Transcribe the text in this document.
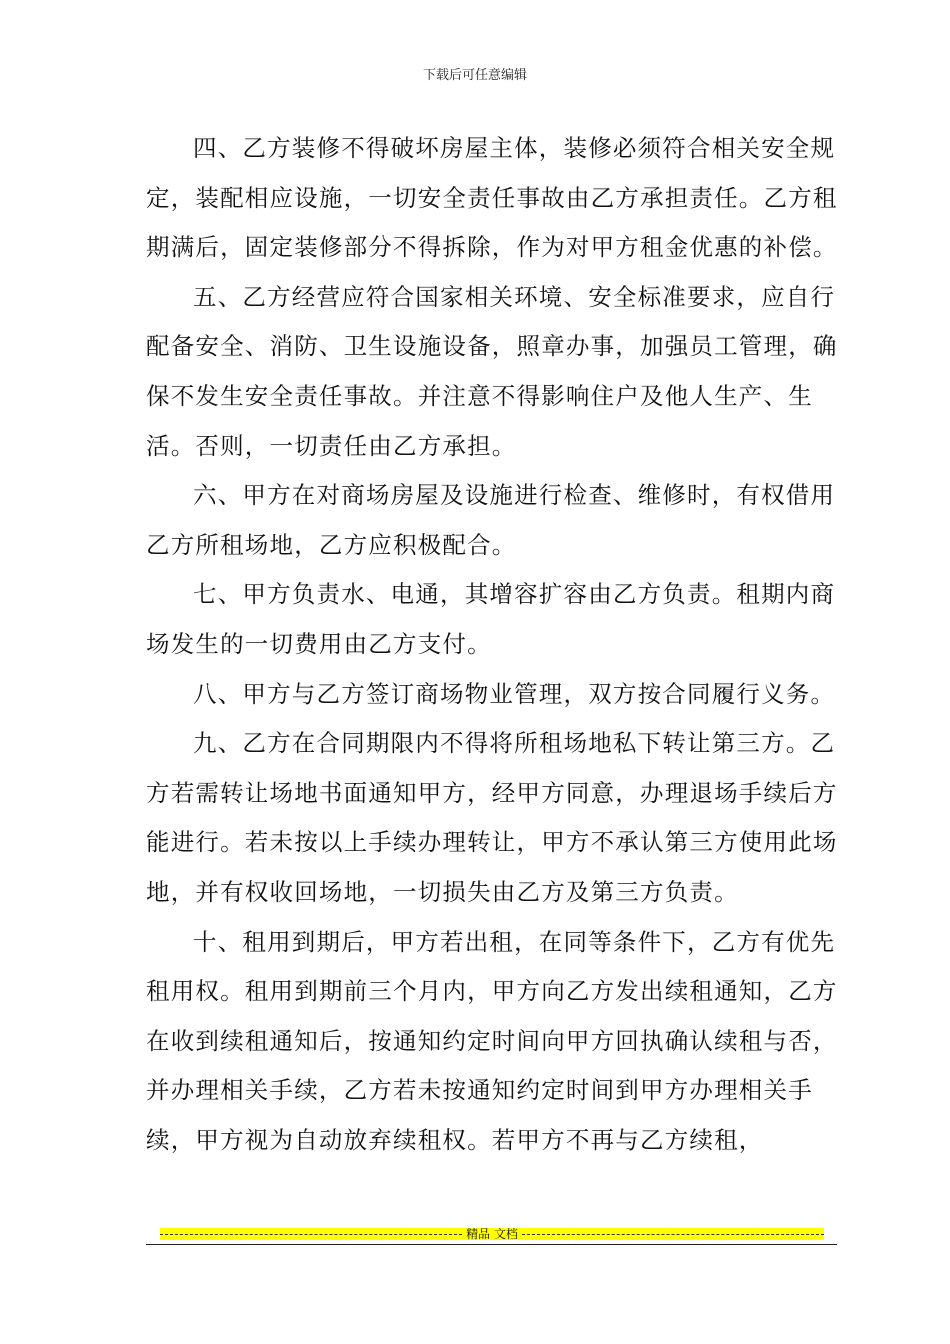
下载后可任意编辑

四、乙方装修不得破坏房屋主体，装修必须符合相关安全规定，装配相应设施，一切安全责任事故由乙方承担责任。乙方租期满后，固定装修部分不得拆除，作为对甲方租金优惠的补偿。

五、乙方经营应符合国家相关环境、安全标准要求，应自行配备安全、消防、卫生设施设备，照章办事，加强员工管理，确保不发生安全责任事故。并注意不得影响住户及他人生产、生活。否则，一切责任由乙方承担。

六、甲方在对商场房屋及设施进行检查、维修时，有权借用乙方所租场地，乙方应积极配合。

七、甲方负责水、电通，其增容扩容由乙方负责。租期内商场发生的一切费用由乙方支付。

八、甲方与乙方签订商场物业管理，双方按合同履行义务。

九、乙方在合同期限内不得将所租场地私下转让第三方。乙方若需转让场地书面通知甲方，经甲方同意，办理退场手续后方能进行。若未按以上手续办理转让，甲方不承认第三方使用此场地，并有权收回场地，一切损失由乙方及第三方负责。

十、租用到期后，甲方若出租，在同等条件下，乙方有优先租用权。租用到期前三个月内，甲方向乙方发出续租通知，乙方在收到续租通知后，按通知约定时间向甲方回执确认续租与否，并办理相关手续，乙方若未按通知约定时间到甲方办理相关手续，甲方视为自动放弃续租权。若甲方不再与乙方续租，

精品 文档
